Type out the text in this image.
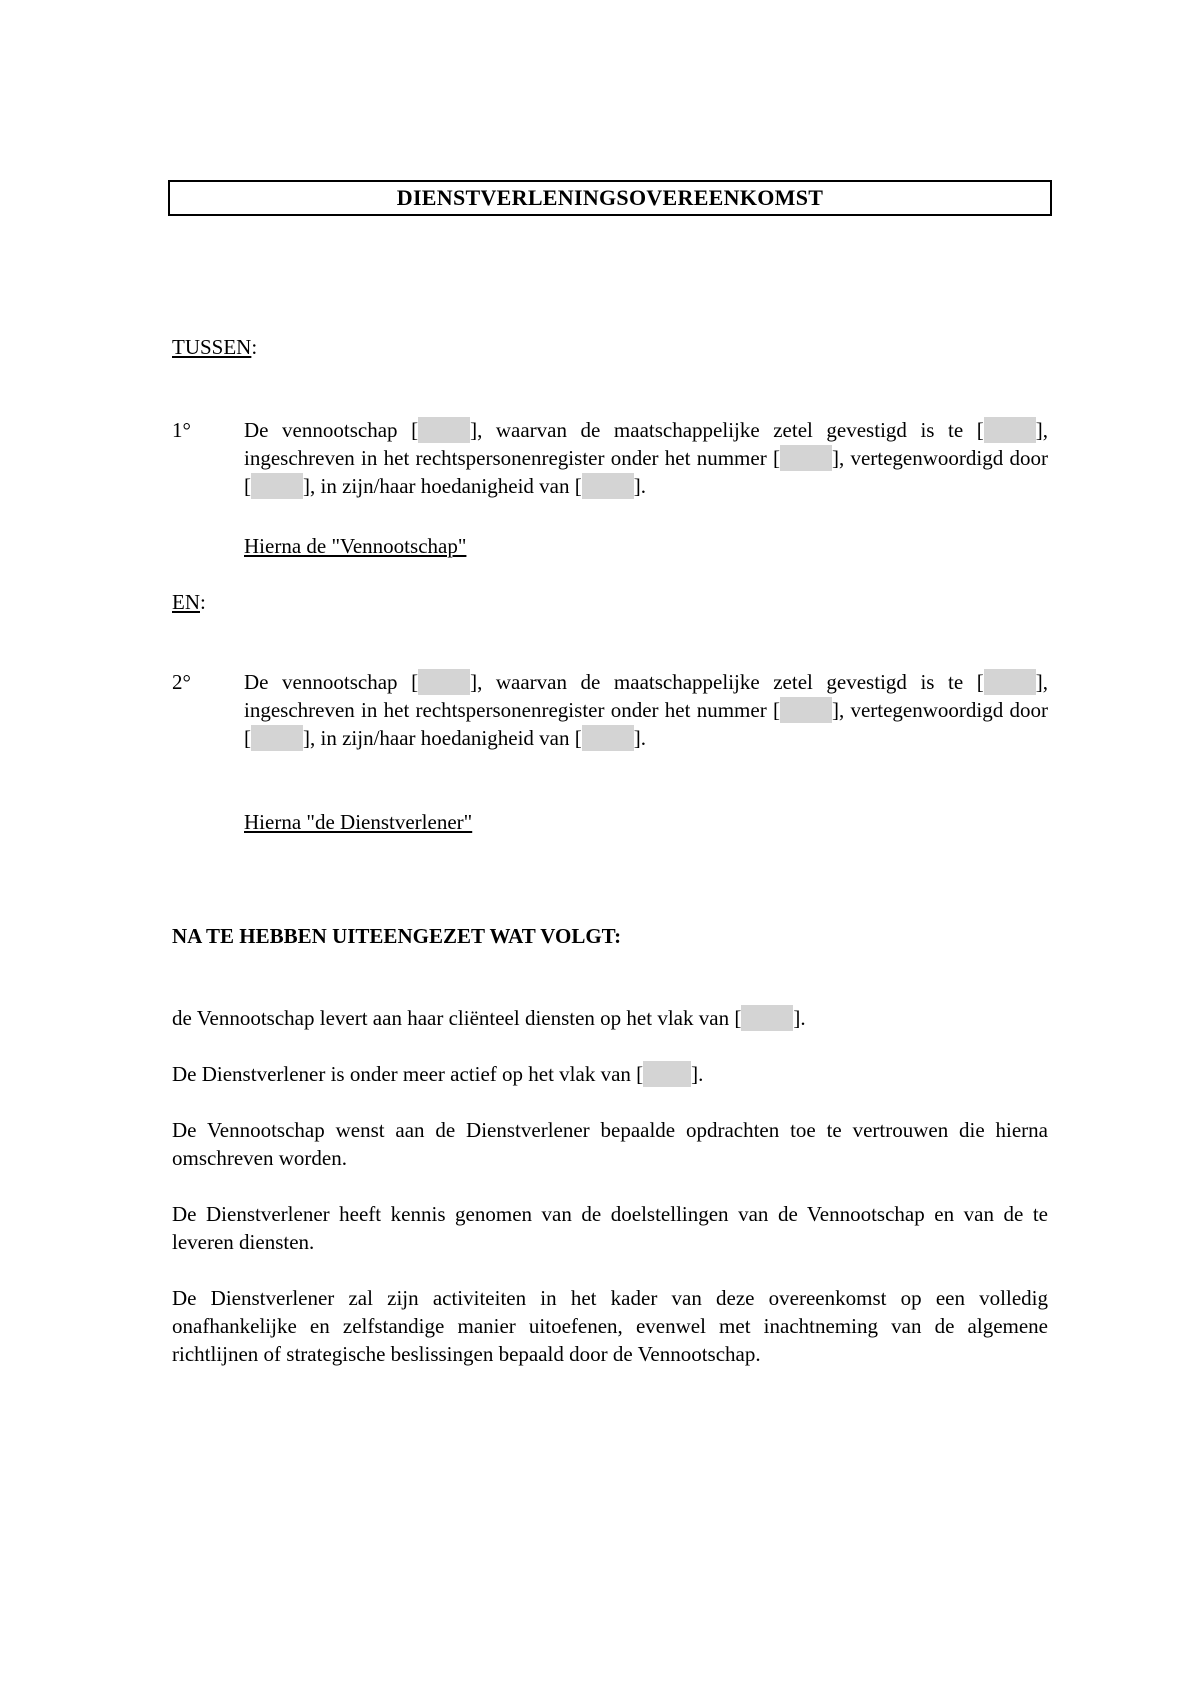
DIENSTVERLENINGSOVEREENKOMST
TUSSEN:
1°	De vennootschap [ ], waarvan de maatschappelijke zetel gevestigd is te [ ], ingeschreven in het rechtspersonenregister onder het nummer [ ], vertegenwoordigd door [ ], in zijn/haar hoedanigheid van [ ].
Hierna de "Vennootschap"
EN:
2°	De vennootschap [ ], waarvan de maatschappelijke zetel gevestigd is te [ ], ingeschreven in het rechtspersonenregister onder het nummer [ ], vertegenwoordigd door [ ], in zijn/haar hoedanigheid van [ ].
Hierna "de Dienstverlener"
NA TE HEBBEN UITEENGEZET WAT VOLGT:
de Vennootschap levert aan haar cliënteel diensten op het vlak van [ ].
De Dienstverlener is onder meer actief op het vlak van [ ].
De Vennootschap wenst aan de Dienstverlener bepaalde opdrachten toe te vertrouwen die hierna omschreven worden.
De Dienstverlener heeft kennis genomen van de doelstellingen van de Vennootschap en van de te leveren diensten.
De Dienstverlener zal zijn activiteiten in het kader van deze overeenkomst op een volledig onafhankelijke en zelfstandige manier uitoefenen, evenwel met inachtneming van de algemene richtlijnen of strategische beslissingen bepaald door de Vennootschap.
